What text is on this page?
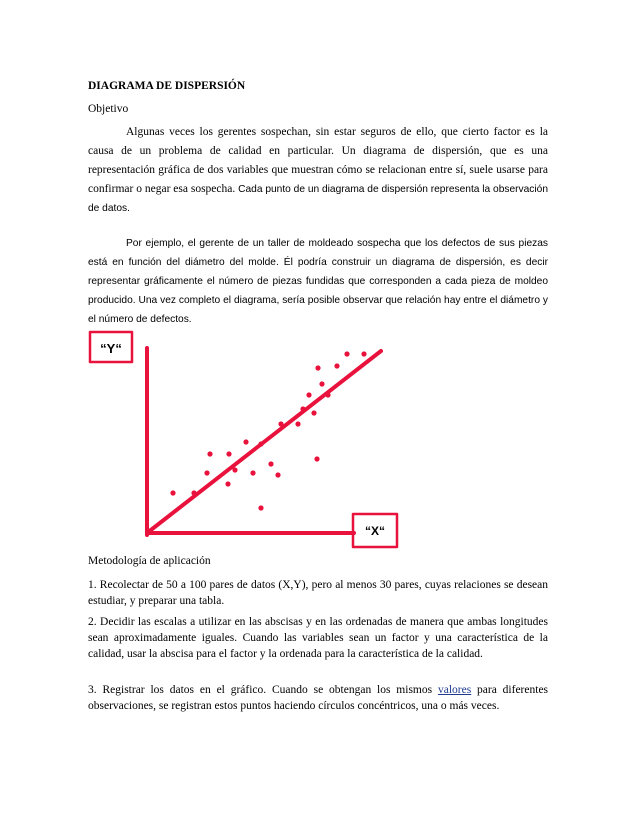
DIAGRAMA DE DISPERSIÓN
Objetivo
Algunas veces los gerentes sospechan, sin estar seguros de ello, que cierto factor es la causa de un problema de calidad en particular. Un diagrama de dispersión, que es una representación gráfica de dos variables que muestran cómo se relacionan entre sí, suele usarse para confirmar o negar esa sospecha. Cada punto de un diagrama de dispersión representa la observación de datos.
Por ejemplo, el gerente de un taller de moldeado sospecha que los defectos de sus piezas está en función del diámetro del molde. Él podría construir un diagrama de dispersión, es decir representar gráficamente el número de piezas fundidas que corresponden a cada pieza de moldeo producido. Una vez completo el diagrama, sería posible observar que relación hay entre el diámetro y el número de defectos.
“Y“
“X“
Metodología de aplicación
1. Recolectar de 50 a 100 pares de datos (X,Y), pero al menos 30 pares, cuyas relaciones se desean estudiar, y preparar una tabla.
2. Decidir las escalas a utilizar en las abscisas y en las ordenadas de manera que ambas longitudes sean aproximadamente iguales. Cuando las variables sean un factor y una característica de la calidad, usar la abscisa para el factor y la ordenada para la característica de la calidad.
3. Registrar los datos en el gráfico. Cuando se obtengan los mismos valores para diferentes observaciones, se registran estos puntos haciendo círculos concéntricos, una o más veces.
